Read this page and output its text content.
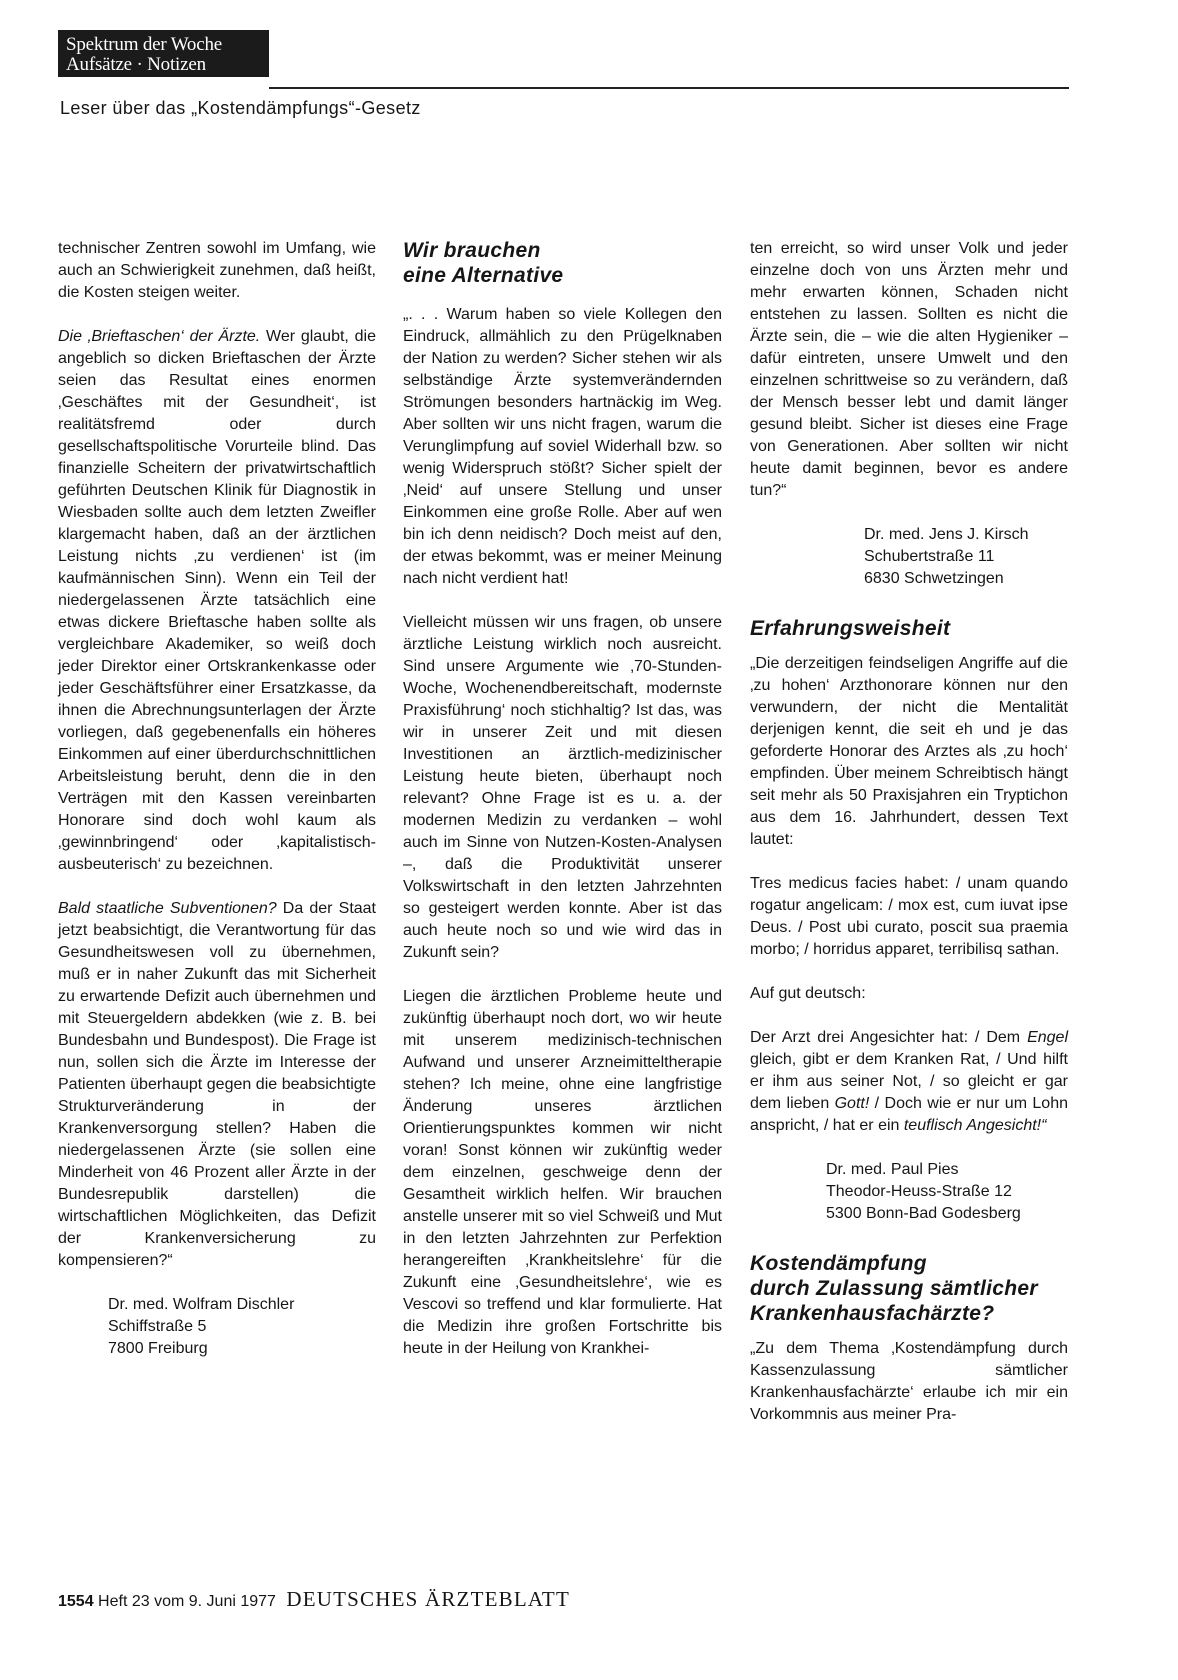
Spektrum der Woche
Aufsätze · Notizen
Leser über das „Kostendämpfungs“-Gesetz

technischer Zentren sowohl im Umfang, wie auch an Schwierigkeit zunehmen, daß heißt, die Kosten steigen weiter.

Die ‚Brieftaschen‘ der Ärzte. Wer glaubt, die angeblich so dicken Brieftaschen der Ärzte seien das Resultat eines enormen ‚Geschäftes mit der Gesundheit‘, ist realitätsfremd oder durch gesellschaftspolitische Vorurteile blind. Das finanzielle Scheitern der privatwirtschaftlich geführten Deutschen Klinik für Diagnostik in Wiesbaden sollte auch dem letzten Zweifler klargemacht haben, daß an der ärztlichen Leistung nichts ‚zu verdienen‘ ist (im kaufmännischen Sinn). Wenn ein Teil der niedergelassenen Ärzte tatsächlich eine etwas dickere Brieftasche haben sollte als vergleichbare Akademiker, so weiß doch jeder Direktor einer Ortskrankenkasse oder jeder Geschäftsführer einer Ersatzkasse, da ihnen die Abrechnungsunterlagen der Ärzte vorliegen, daß gegebenenfalls ein höheres Einkommen auf einer überdurchschnittlichen Arbeitsleistung beruht, denn die in den Verträgen mit den Kassen vereinbarten Honorare sind doch wohl kaum als ‚gewinnbringend‘ oder ‚kapitalistisch-ausbeuterisch‘ zu bezeichnen.

Bald staatliche Subventionen? Da der Staat jetzt beabsichtigt, die Verantwortung für das Gesundheitswesen voll zu übernehmen, muß er in naher Zukunft das mit Sicherheit zu erwartende Defizit auch übernehmen und mit Steuergeldern abdekken (wie z. B. bei Bundesbahn und Bundespost). Die Frage ist nun, sollen sich die Ärzte im Interesse der Patienten überhaupt gegen die beabsichtigte Strukturveränderung in der Krankenversorgung stellen? Haben die niedergelassenen Ärzte (sie sollen eine Minderheit von 46 Prozent aller Ärzte in der Bundesrepublik darstellen) die wirtschaftlichen Möglichkeiten, das Defizit der Krankenversicherung zu kompensieren?“

Dr. med. Wolfram Dischler
Schiffstraße 5
7800 Freiburg
Wir brauchen
eine Alternative

„. . . Warum haben so viele Kollegen den Eindruck, allmählich zu den Prügelknaben der Nation zu werden? Sicher stehen wir als selbständige Ärzte systemverändernden Strömungen besonders hartnäckig im Weg. Aber sollten wir uns nicht fragen, warum die Verunglimpfung auf soviel Widerhall bzw. so wenig Widerspruch stößt? Sicher spielt der ‚Neid‘ auf unsere Stellung und unser Einkommen eine große Rolle. Aber auf wen bin ich denn neidisch? Doch meist auf den, der etwas bekommt, was er meiner Meinung nach nicht verdient hat!

Vielleicht müssen wir uns fragen, ob unsere ärztliche Leistung wirklich noch ausreicht. Sind unsere Argumente wie ‚70-Stunden-Woche, Wochenendbereitschaft, modernste Praxisführung‘ noch stichhaltig? Ist das, was wir in unserer Zeit und mit diesen Investitionen an ärztlich-medizinischer Leistung heute bieten, überhaupt noch relevant? Ohne Frage ist es u. a. der modernen Medizin zu verdanken – wohl auch im Sinne von Nutzen-Kosten-Analysen –, daß die Produktivität unserer Volkswirtschaft in den letzten Jahrzehnten so gesteigert werden konnte. Aber ist das auch heute noch so und wie wird das in Zukunft sein?

Liegen die ärztlichen Probleme heute und zukünftig überhaupt noch dort, wo wir heute mit unserem medizinisch-technischen Aufwand und unserer Arzneimitteltherapie stehen? Ich meine, ohne eine langfristige Änderung unseres ärztlichen Orientierungspunktes kommen wir nicht voran! Sonst können wir zukünftig weder dem einzelnen, geschweige denn der Gesamtheit wirklich helfen. Wir brauchen anstelle unserer mit so viel Schweiß und Mut in den letzten Jahrzehnten zur Perfektion herangereiften ‚Krankheitslehre‘ für die Zukunft eine ‚Gesundheitslehre‘, wie es Vescovi so treffend und klar formulierte. Hat die Medizin ihre großen Fortschritte bis heute in der Heilung von Krankhei-

ten erreicht, so wird unser Volk und jeder einzelne doch von uns Ärzten mehr und mehr erwarten können, Schaden nicht entstehen zu lassen. Sollten es nicht die Ärzte sein, die – wie die alten Hygieniker – dafür eintreten, unsere Umwelt und den einzelnen schrittweise so zu verändern, daß der Mensch besser lebt und damit länger gesund bleibt. Sicher ist dieses eine Frage von Generationen. Aber sollten wir nicht heute damit beginnen, bevor es andere tun?“

Dr. med. Jens J. Kirsch
Schubertstraße 11
6830 Schwetzingen
Erfahrungsweisheit

„Die derzeitigen feindseligen Angriffe auf die ‚zu hohen‘ Arzthonorare können nur den verwundern, der nicht die Mentalität derjenigen kennt, die seit eh und je das geforderte Honorar des Arztes als ‚zu hoch‘ empfinden. Über meinem Schreibtisch hängt seit mehr als 50 Praxisjahren ein Tryptichon aus dem 16. Jahrhundert, dessen Text lautet:

Tres medicus facies habet: / unam quando rogatur angelicam: / mox est, cum iuvat ipse Deus. / Post ubi curato, poscit sua praemia morbo; / horridus apparet, terribilisq sathan.

Auf gut deutsch:

Der Arzt drei Angesichter hat: / Dem Engel gleich, gibt er dem Kranken Rat, / Und hilft er ihm aus seiner Not, / so gleicht er gar dem lieben Gott! / Doch wie er nur um Lohn anspricht, / hat er ein teuflisch Angesicht!“

Dr. med. Paul Pies
Theodor-Heuss-Straße 12
5300 Bonn-Bad Godesberg
Kostendämpfung
durch Zulassung sämtlicher
Krankenhausfachärzte?

„Zu dem Thema ‚Kostendämpfung durch Kassenzulassung sämtlicher Krankenhausfachärzte‘ erlaube ich mir ein Vorkommnis aus meiner Pra-

1554 Heft 23 vom 9. Juni 1977 DEUTSCHES ÄRZTEBLATT
